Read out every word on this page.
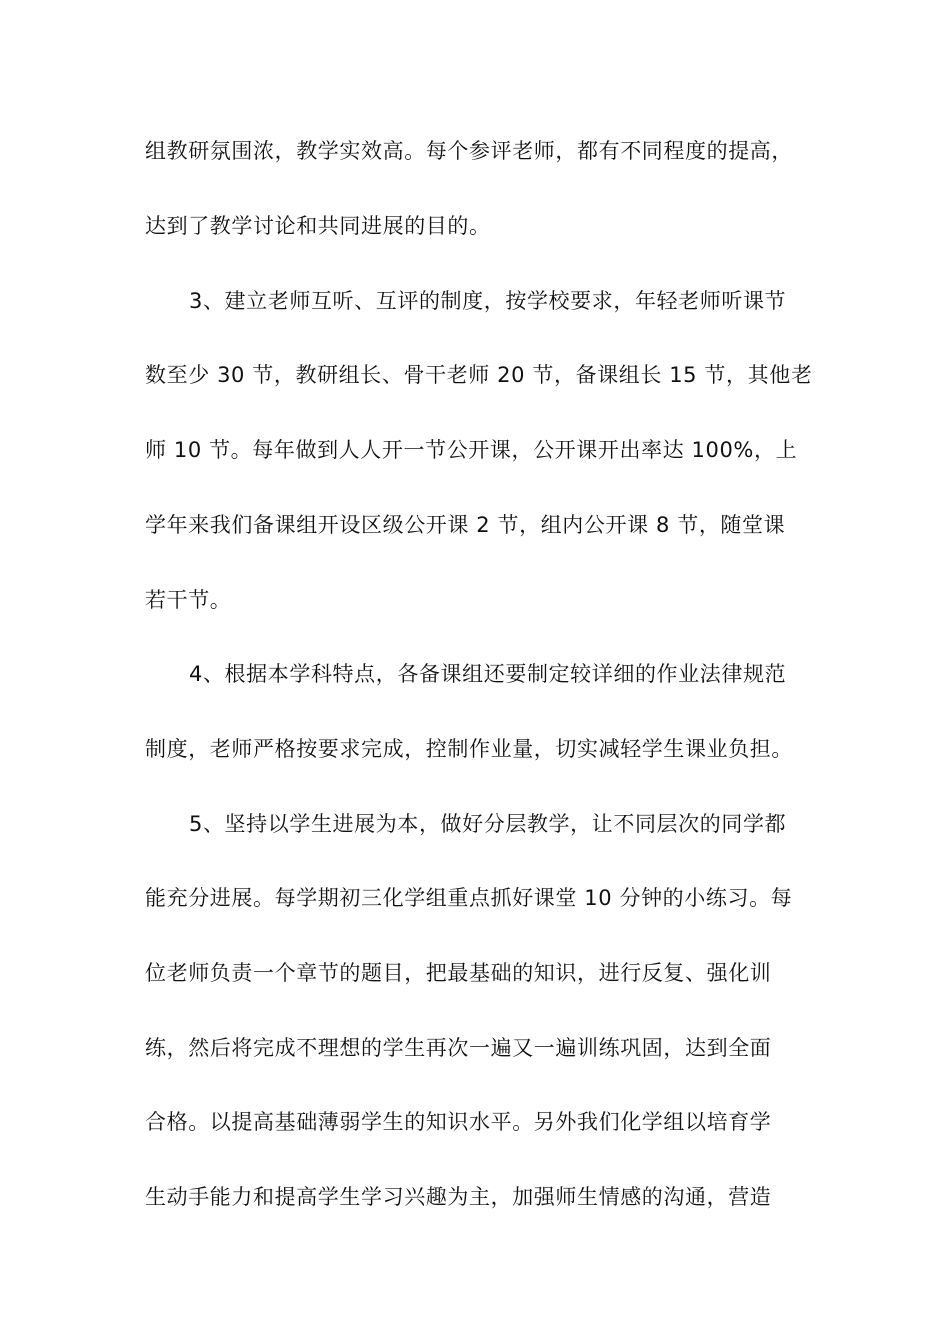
组教研氛围浓，教学实效高。每个参评老师，都有不同程度的提高，
达到了教学讨论和共同进展的目的。
3、建立老师互听、互评的制度，按学校要求，年轻老师听课节
数至少 30 节，教研组长、骨干老师 20 节，备课组长 15 节，其他老
师 10 节。每年做到人人开一节公开课，公开课开出率达 100%，上
学年来我们备课组开设区级公开课 2 节，组内公开课 8 节，随堂课
若干节。
4、根据本学科特点，各备课组还要制定较详细的作业法律规范
制度，老师严格按要求完成，控制作业量，切实减轻学生课业负担。
5、坚持以学生进展为本，做好分层教学，让不同层次的同学都
能充分进展。每学期初三化学组重点抓好课堂 10 分钟的小练习。每
位老师负责一个章节的题目，把最基础的知识，进行反复、强化训
练，然后将完成不理想的学生再次一遍又一遍训练巩固，达到全面
合格。以提高基础薄弱学生的知识水平。另外我们化学组以培育学
生动手能力和提高学生学习兴趣为主，加强师生情感的沟通，营造
